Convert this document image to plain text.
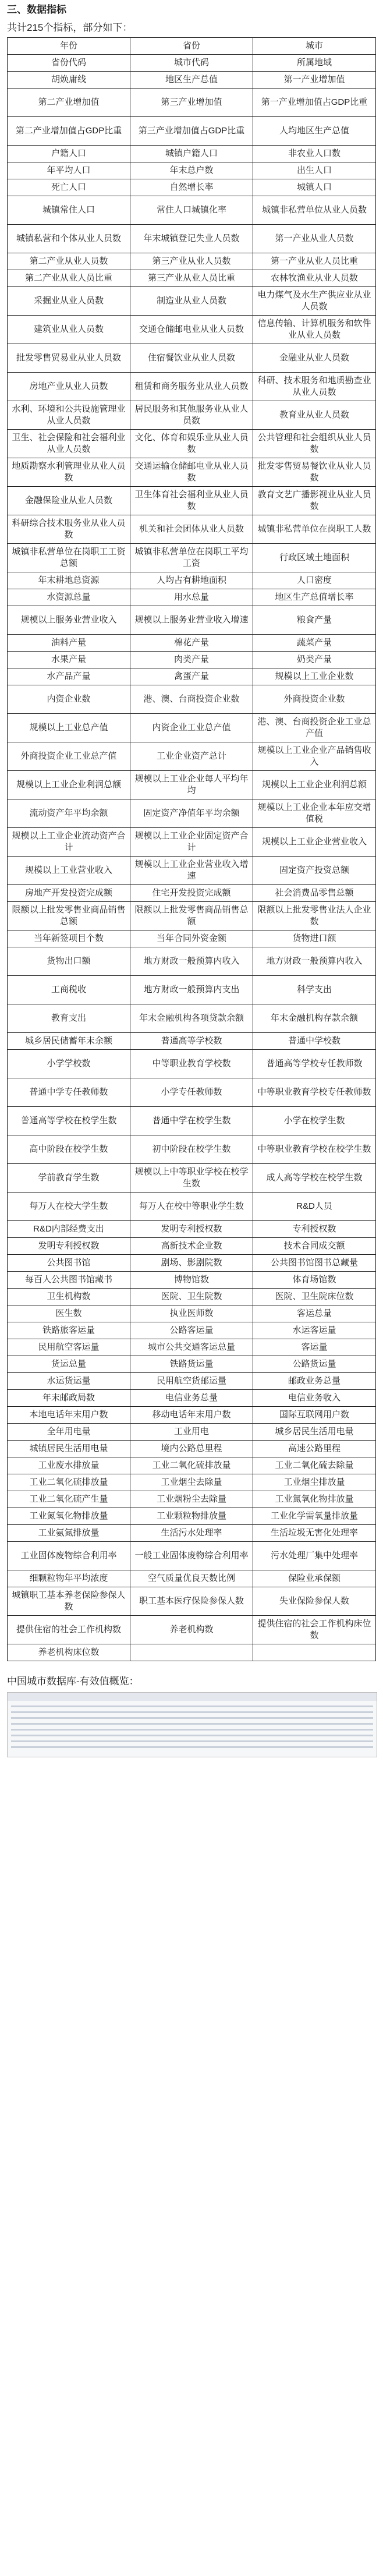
三、数据指标
共计215个指标，部分如下：
年份	省份	城市
省份代码	城市代码	所属地域
胡焕庸线	地区生产总值	第一产业增加值
第二产业增加值	第三产业增加值	第一产业增加值占GDP比重
第二产业增加值占GDP比重	第三产业增加值占GDP比重	人均地区生产总值
户籍人口	城镇户籍人口	非农业人口数
年平均人口	年末总户数	出生人口
死亡人口	自然增长率	城镇人口
城镇常住人口	常住人口城镇化率	城镇非私营单位从业人员数
城镇私营和个体从业人员数	年末城镇登记失业人员数	第一产业从业人员数
第二产业从业人员数	第三产业从业人员数	第一产业从业人员比重
第二产业从业人员比重	第三产业从业人员比重	农林牧渔业从业人员数
采掘业从业人员数	制造业从业人员数	电力煤气及水生产供应业从业人员数
建筑业从业人员数	交通仓储邮电业从业人员数	信息传输、计算机服务和软件业从业人员数
批发零售贸易业从业人员数	住宿餐饮业从业人员数	金融业从业人员数
房地产业从业人员数	租赁和商务服务业从业人员数	科研、技术服务和地质勘查业从业人员数
水利、环境和公共设施管理业从业人员数	居民服务和其他服务业从业人员数	教育业从业人员数
卫生、社会保险和社会福利业从业人员数	文化、体育和娱乐业从业人员数	公共管理和社会组织从业人员数
地质勘察水利管理业从业人员数	交通运输仓储邮电业从业人员数	批发零售贸易餐饮业从业人员数
金融保险业从业人员数	卫生体育社会福利业从业人员数	教育文艺广播影视业从业人员数
科研综合技术服务业从业人员数	机关和社会团体从业人员数	城镇非私营单位在岗职工人数
城镇非私营单位在岗职工工资总额	城镇非私营单位在岗职工平均工资	行政区域土地面积
年末耕地总资源	人均占有耕地面积	人口密度
水资源总量	用水总量	地区生产总值增长率
规模以上服务业营业收入	规模以上服务业营业收入增速	粮食产量
油料产量	棉花产量	蔬菜产量
水果产量	肉类产量	奶类产量
水产品产量	禽蛋产量	规模以上工业企业数
内资企业数	港、澳、台商投资企业数	外商投资企业数
规模以上工业总产值	内资企业工业总产值	港、澳、台商投资企业工业总产值
外商投资企业工业总产值	工业企业资产总计	规模以上工业企业产品销售收入
规模以上工业企业利润总额	规模以上工业企业每人平均年均	规模以上工业企业利润总额
流动资产年平均余额	固定资产净值年平均余额	规模以上工业企业本年应交增值税
规模以上工业企业流动资产合计	规模以上工业企业固定资产合计	规模以上工业企业营业收入
规模以上工业营业收入	规模以上工业企业营业收入增速	固定资产投资总额
房地产开发投资完成额	住宅开发投资完成额	社会消费品零售总额
限额以上批发零售业商品销售总额	限额以上批发零售商品销售总额	限额以上批发零售业法人企业数
当年新签项目个数	当年合同外资金额	货物进口额
货物出口额	地方财政一般预算内收入	地方财政一般预算内收入
工商税收	地方财政一般预算内支出	科学支出
教育支出	年末金融机构各项贷款余额	年末金融机构存款余额
城乡居民储蓄年末余额	普通高等学校数	普通中学校数
小学学校数	中等职业教育学校数	普通高等学校专任教师数
普通中学专任教师数	小学专任教师数	中等职业教育学校专任教师数
普通高等学校在校学生数	普通中学在校学生数	小学在校学生数
高中阶段在校学生数	初中阶段在校学生数	中等职业教育学校在校学生数
学前教育学生数	规模以上中等职业学校在校学生数	成人高等学校在校学生数
每万人在校大学生数	每万人在校中等职业学生数	R&D人员
R&D内部经费支出	发明专利授权数	专利授权数
发明专利授权数	高新技术企业数	技术合同成交额
公共图书馆	剧场、影剧院数	公共图书馆图书总藏量
每百人公共图书馆藏书	博物馆数	体育场馆数
卫生机构数	医院、卫生院数	医院、卫生院床位数
医生数	执业医师数	客运总量
铁路旅客运量	公路客运量	水运客运量
民用航空客运量	城市公共交通客运总量	客运量
货运总量	铁路货运量	公路货运量
水运货运量	民用航空货邮运量	邮政业务总量
年末邮政局数	电信业务总量	电信业务收入
本地电话年末用户数	移动电话年末用户数	国际互联网用户数
全年用电量	工业用电	城乡居民生活用电量
城镇居民生活用电量	境内公路总里程	高速公路里程
工业废水排放量	工业二氧化硫排放量	工业二氧化硫去除量
工业二氧化硫排放量	工业烟尘去除量	工业烟尘排放量
工业二氧化硫产生量	工业烟粉尘去除量	工业氮氧化物排放量
工业氮氧化物排放量	工业颗粒物排放量	工业化学需氧量排放量
工业氨氮排放量	生活污水处理率	生活垃圾无害化处理率
工业固体废物综合利用率	一般工业固体废物综合利用率	污水处理厂集中处理率
细颗粒物年平均浓度	空气质量优良天数比例	保险业承保额
城镇职工基本养老保险参保人数	职工基本医疗保险参保人数	失业保险参保人数
提供住宿的社会工作机构数	养老机构数	提供住宿的社会工作机构床位数
养老机构床位数		
中国城市数据库-有效值概览：
